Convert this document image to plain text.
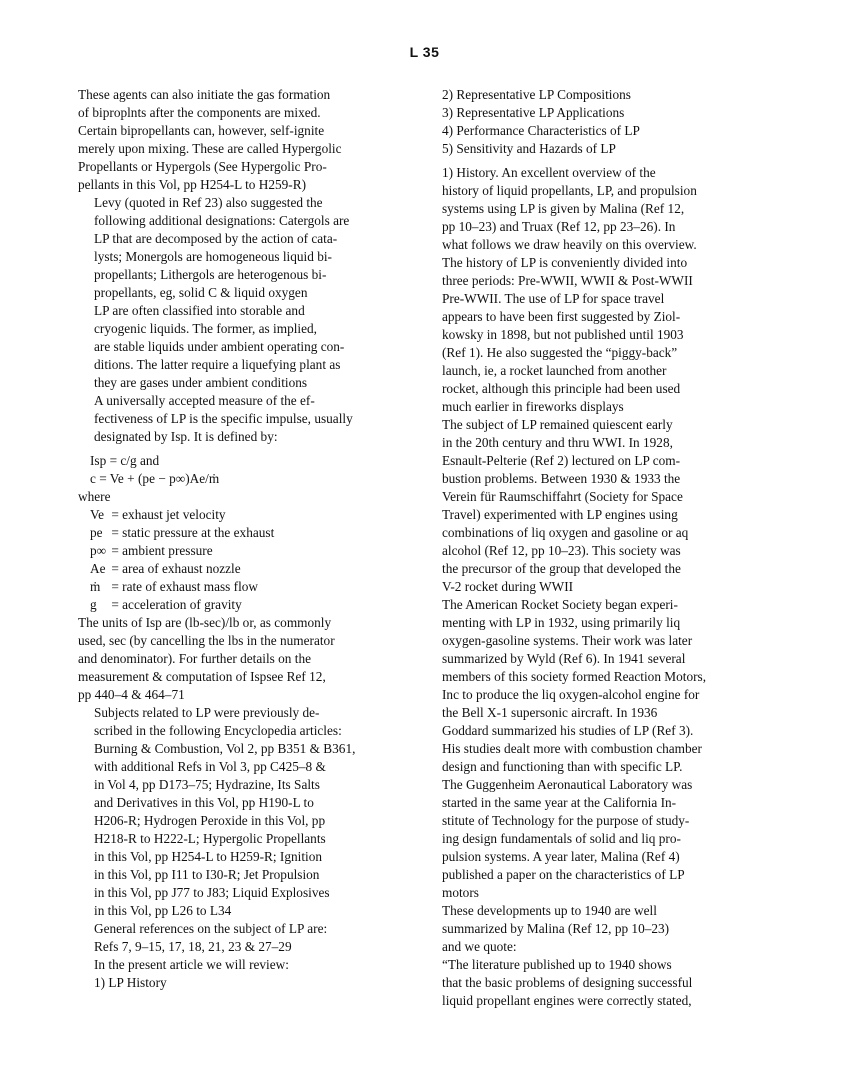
L 35
These agents can also initiate the gas formation
of biproplnts after the components are mixed.
Certain bipropellants can, however, self-ignite
merely upon mixing. These are called Hypergolic
Propellants or Hypergols (See Hypergolic Pro-
pellants in this Vol, pp H254-L to H259-R)
Levy (quoted in Ref 23) also suggested the
following additional designations: Catergols are
LP that are decomposed by the action of cata-
lysts; Monergols are homogeneous liquid bi-
propellants; Lithergols are heterogenous bi-
propellants, eg, solid C & liquid oxygen
LP are often classified into storable and
cryogenic liquids. The former, as implied,
are stable liquids under ambient operating con-
ditions. The latter require a liquefying plant as
they are gases under ambient conditions
A universally accepted measure of the ef-
fectiveness of LP is the specific impulse, usually
designated by Isp. It is defined by:
Isp = c/g and
c = Ve + (pe − p∞)Ae/ṁ
where
Ve = exhaust jet velocity
pe = static pressure at the exhaust
p∞ = ambient pressure
Ae = area of exhaust nozzle
ṁ = rate of exhaust mass flow
g = acceleration of gravity
The units of Isp are (lb-sec)/lb or, as commonly
used, sec (by cancelling the lbs in the numerator
and denominator). For further details on the
measurement & computation of Ispsee Ref 12,
pp 440–4 & 464–71
Subjects related to LP were previously de-
scribed in the following Encyclopedia articles:
Burning & Combustion, Vol 2, pp B351 & B361,
with additional Refs in Vol 3, pp C425–8 &
in Vol 4, pp D173–75; Hydrazine, Its Salts
and Derivatives in this Vol, pp H190-L to
H206-R; Hydrogen Peroxide in this Vol, pp
H218-R to H222-L; Hypergolic Propellants
in this Vol, pp H254-L to H259-R; Ignition
in this Vol, pp I11 to I30-R; Jet Propulsion
in this Vol, pp J77 to J83; Liquid Explosives
in this Vol, pp L26 to L34
General references on the subject of LP are:
Refs 7, 9–15, 17, 18, 21, 23 & 27–29
In the present article we will review:
1) LP History
2) Representative LP Compositions
3) Representative LP Applications
4) Performance Characteristics of LP
5) Sensitivity and Hazards of LP
1) History. An excellent overview of the
history of liquid propellants, LP, and propulsion
systems using LP is given by Malina (Ref 12,
pp 10–23) and Truax (Ref 12, pp 23–26). In
what follows we draw heavily on this overview.
The history of LP is conveniently divided into
three periods: Pre-WWII, WWII & Post-WWII
Pre-WWII. The use of LP for space travel
appears to have been first suggested by Ziol-
kowsky in 1898, but not published until 1903
(Ref 1). He also suggested the “piggy-back”
launch, ie, a rocket launched from another
rocket, although this principle had been used
much earlier in fireworks displays
The subject of LP remained quiescent early
in the 20th century and thru WWI. In 1928,
Esnault-Pelterie (Ref 2) lectured on LP com-
bustion problems. Between 1930 & 1933 the
Verein für Raumschiffahrt (Society for Space
Travel) experimented with LP engines using
combinations of liq oxygen and gasoline or aq
alcohol (Ref 12, pp 10–23). This society was
the precursor of the group that developed the
V-2 rocket during WWII
The American Rocket Society began experi-
menting with LP in 1932, using primarily liq
oxygen-gasoline systems. Their work was later
summarized by Wyld (Ref 6). In 1941 several
members of this society formed Reaction Motors,
Inc to produce the liq oxygen-alcohol engine for
the Bell X-1 supersonic aircraft. In 1936
Goddard summarized his studies of LP (Ref 3).
His studies dealt more with combustion chamber
design and functioning than with specific LP.
The Guggenheim Aeronautical Laboratory was
started in the same year at the California In-
stitute of Technology for the purpose of study-
ing design fundamentals of solid and liq pro-
pulsion systems. A year later, Malina (Ref 4)
published a paper on the characteristics of LP
motors
These developments up to 1940 are well
summarized by Malina (Ref 12, pp 10–23)
and we quote:
“The literature published up to 1940 shows
that the basic problems of designing successful
liquid propellant engines were correctly stated,
